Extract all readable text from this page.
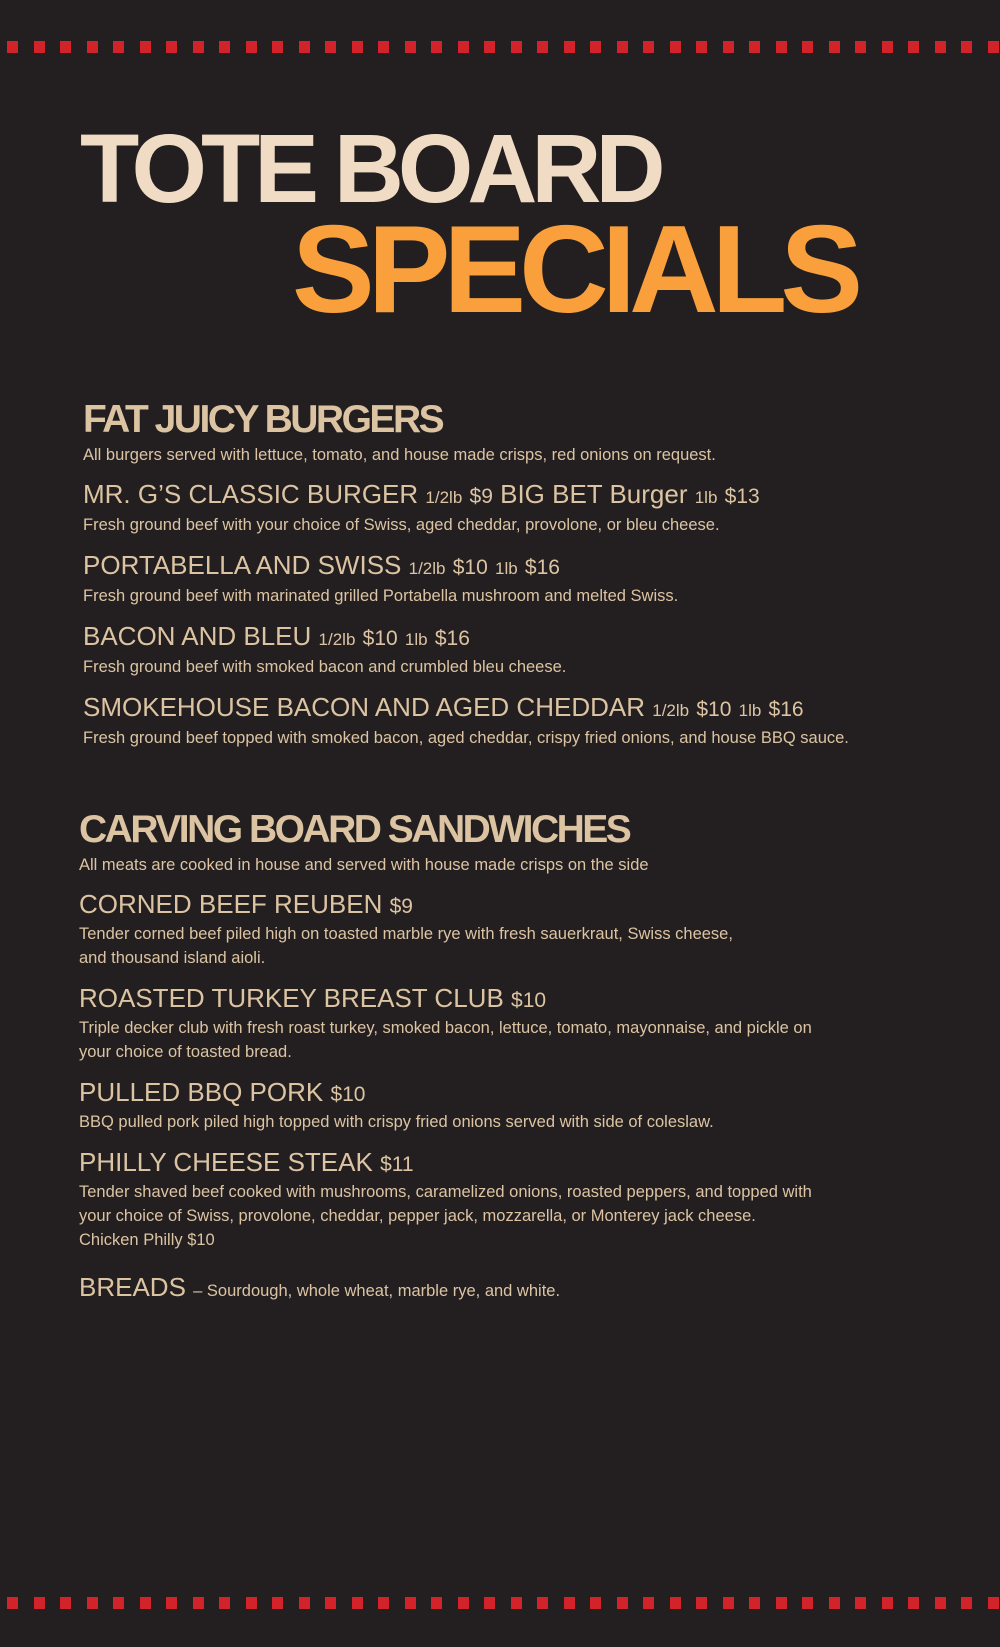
TOTE BOARD
SPECIALS
FAT JUICY BURGERS
All burgers served with lettuce, tomato, and house made crisps, red onions on request.
MR. G’S CLASSIC BURGER 1/2lb $9 BIG BET Burger 1lb $13
Fresh ground beef with your choice of Swiss, aged cheddar, provolone, or bleu cheese.
PORTABELLA AND SWISS 1/2lb $10 1lb $16
Fresh ground beef with marinated grilled Portabella mushroom and melted Swiss.
BACON AND BLEU 1/2lb $10 1lb $16
Fresh ground beef with smoked bacon and crumbled bleu cheese.
SMOKEHOUSE BACON AND AGED CHEDDAR 1/2lb $10 1lb $16
Fresh ground beef topped with smoked bacon, aged cheddar, crispy fried onions, and house BBQ sauce.
CARVING BOARD SANDWICHES
All meats are cooked in house and served with house made crisps on the side
CORNED BEEF REUBEN $9
Tender corned beef piled high on toasted marble rye with fresh sauerkraut, Swiss cheese,
and thousand island aioli.
ROASTED TURKEY BREAST CLUB $10
Triple decker club with fresh roast turkey, smoked bacon, lettuce, tomato, mayonnaise, and pickle on
your choice of toasted bread.
PULLED BBQ PORK $10
BBQ pulled pork piled high topped with crispy fried onions served with side of coleslaw.
PHILLY CHEESE STEAK $11
Tender shaved beef cooked with mushrooms, caramelized onions, roasted peppers, and topped with
your choice of Swiss, provolone, cheddar, pepper jack, mozzarella, or Monterey jack cheese.
Chicken Philly $10
BREADS – Sourdough, whole wheat, marble rye, and white.
